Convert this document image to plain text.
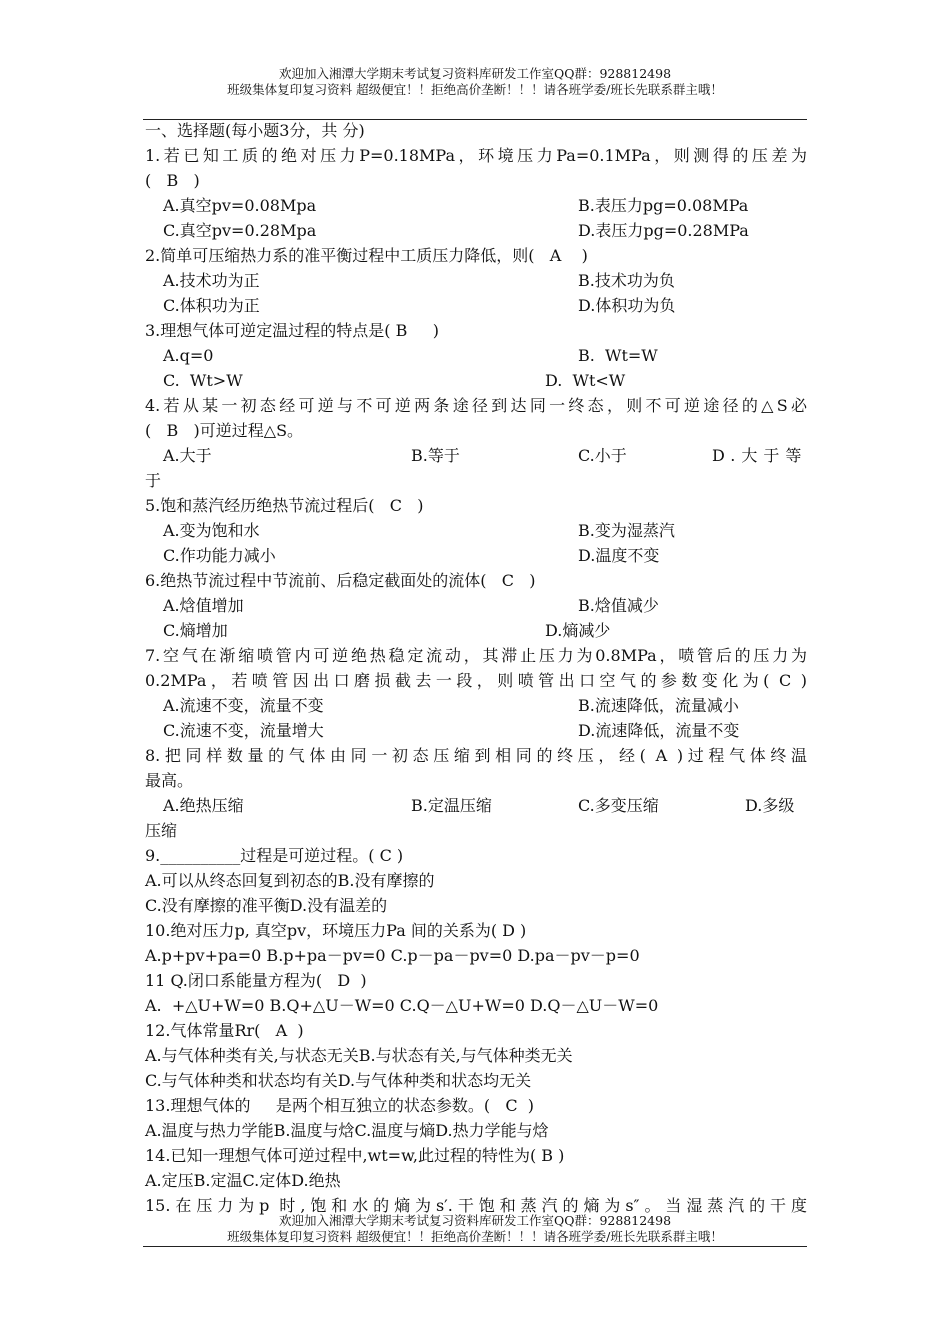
欢迎加入湘潭大学期末考试复习资料库研发工作室QQ群：928812498
班级集体复印复习资料 超级便宜！！拒绝高价垄断！！！请各班学委/班长先联系群主哦！
一、选择题(每小题3分，共 分)
1.若已知工质的绝对压力P=0.18MPa，环境压力Pa=0.1MPa，则测得的压差为
(   B   )
A.真空pv=0.08Mpa	B.表压力pg=0.08MPa
C.真空pv=0.28Mpa	D.表压力pg=0.28MPa
2.简单可压缩热力系的准平衡过程中工质压力降低，则(   A    )
A.技术功为正	B.技术功为负
C.体积功为正	D.体积功为负
3.理想气体可逆定温过程的特点是( B     )
A.q=0	B.  Wt=W
C.  Wt>W	D.  Wt<W
4.若从某一初态经可逆与不可逆两条途径到达同一终态，则不可逆途径的△S必
(   B   )可逆过程△S。
A.大于	B.等于	C.小于	D.大于等
于
5.饱和蒸汽经历绝热节流过程后(   C   )
A.变为饱和水	B.变为湿蒸汽
C.作功能力减小	D.温度不变
6.绝热节流过程中节流前、后稳定截面处的流体(   C   )
A.焓值增加	B.焓值减少
C.熵增加	D.熵减少
7.空气在渐缩喷管内可逆绝热稳定流动，其滞止压力为0.8MPa，喷管后的压力为
0.2MPa，若喷管因出口磨损截去一段，则喷管出口空气的参数变化为( C )
A.流速不变，流量不变	B.流速降低，流量减小
C.流速不变，流量增大	D.流速降低，流量不变
8.把同样数量的气体由同一初态压缩到相同的终压，经( A )过程气体终温
最高。
A.绝热压缩	B.定温压缩	C.多变压缩	D.多级
压缩
9.__________过程是可逆过程。( C )
A.可以从终态回复到初态的B.没有摩擦的
C.没有摩擦的准平衡D.没有温差的
10.绝对压力p, 真空pv，环境压力Pa 间的关系为( D )
A.p+pv+pa=0 B.p+pa－pv=0 C.p－pa－pv=0 D.pa－pv－p=0
11 Q.闭口系能量方程为(   D  )
A.  +△U+W=0 B.Q+△U－W=0 C.Q－△U+W=0 D.Q－△U－W=0
12.气体常量Rr(   A  )
A.与气体种类有关,与状态无关B.与状态有关,与气体种类无关
C.与气体种类和状态均有关D.与气体种类和状态均无关
13.理想气体的     是两个相互独立的状态参数。(   C  )
A.温度与热力学能B.温度与焓C.温度与熵D.热力学能与焓
14.已知一理想气体可逆过程中,wt=w,此过程的特性为( B )
A.定压B.定温C.定体D.绝热
15.在压力为p 时,饱和水的熵为s′.干饱和蒸汽的熵为s″。当湿蒸汽的干度
欢迎加入湘潭大学期末考试复习资料库研发工作室QQ群：928812498
班级集体复印复习资料 超级便宜！！拒绝高价垄断！！！请各班学委/班长先联系群主哦！
